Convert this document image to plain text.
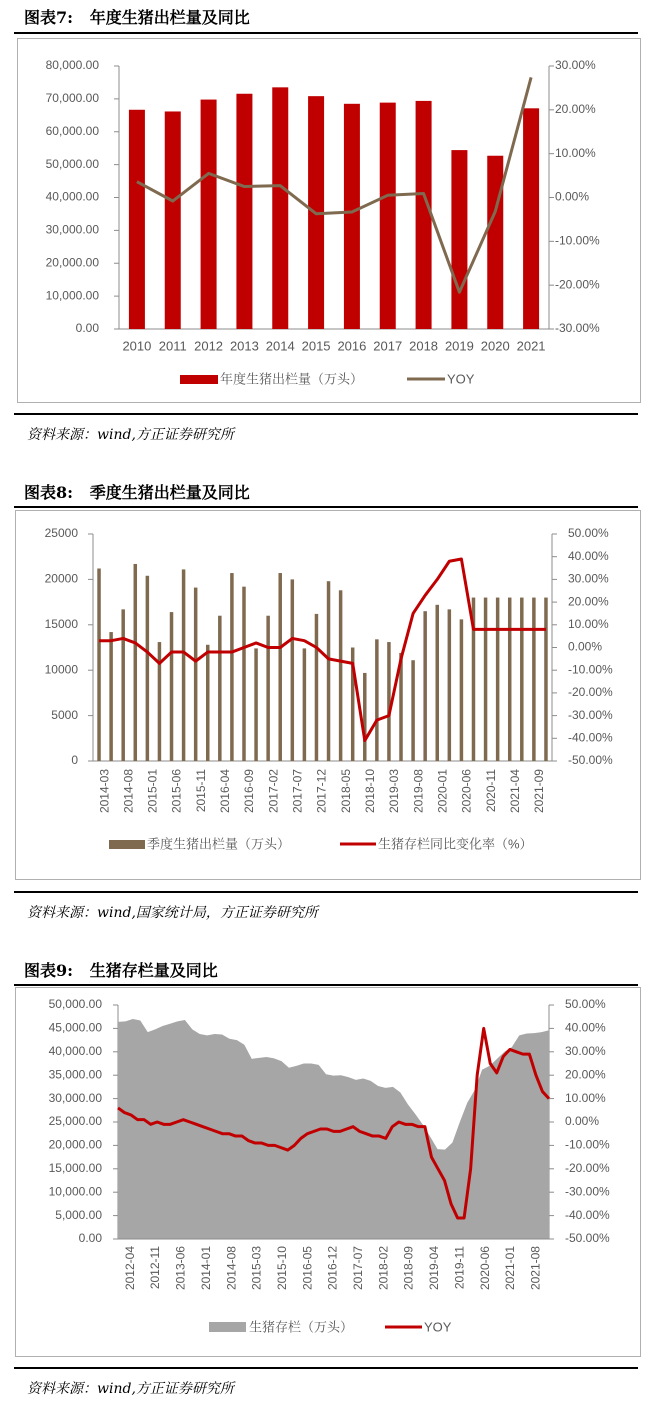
图表7:   年度生猪出栏量及同比
80,000.00
70,000.00
60,000.00
50,000.00
40,000.00
30,000.00
20,000.00
10,000.00
0.00
30.00%
20.00%
10.00%
0.00%
-10.00%
-20.00%
-30.00%
2010 2011 2012 2013 2014 2015 2016 2017 2018 2019 2020 2021
年度生猪出栏量（万头）	YOY
资料来源：wind,方正证券研究所
图表8:   季度生猪出栏量及同比
25000
20000
15000
10000
5000
0
50.00%
40.00%
30.00%
20.00%
10.00%
0.00%
-10.00%
-20.00%
-30.00%
-40.00%
-50.00%
2014-03 2014-08 2015-01 2015-06 2015-11 2016-04 2016-09 2017-02 2017-07 2017-12 2018-05 2018-10 2019-03 2019-08 2020-01 2020-06 2020-11 2021-04 2021-09
季度生猪出栏量（万头）	生猪存栏同比变化率（%）
资料来源：wind,国家统计局，方正证券研究所
图表9:   生猪存栏量及同比
50,000.00
45,000.00
40,000.00
35,000.00
30,000.00
25,000.00
20,000.00
15,000.00
10,000.00
5,000.00
0.00
50.00%
40.00%
30.00%
20.00%
10.00%
0.00%
-10.00%
-20.00%
-30.00%
-40.00%
-50.00%
2012-04 2012-11 2013-06 2014-01 2014-08 2015-03 2015-10 2016-05 2016-12 2017-07 2018-02 2018-09 2019-04 2019-11 2020-06 2021-01 2021-08
生猪存栏（万头）	YOY
资料来源：wind,方正证券研究所
